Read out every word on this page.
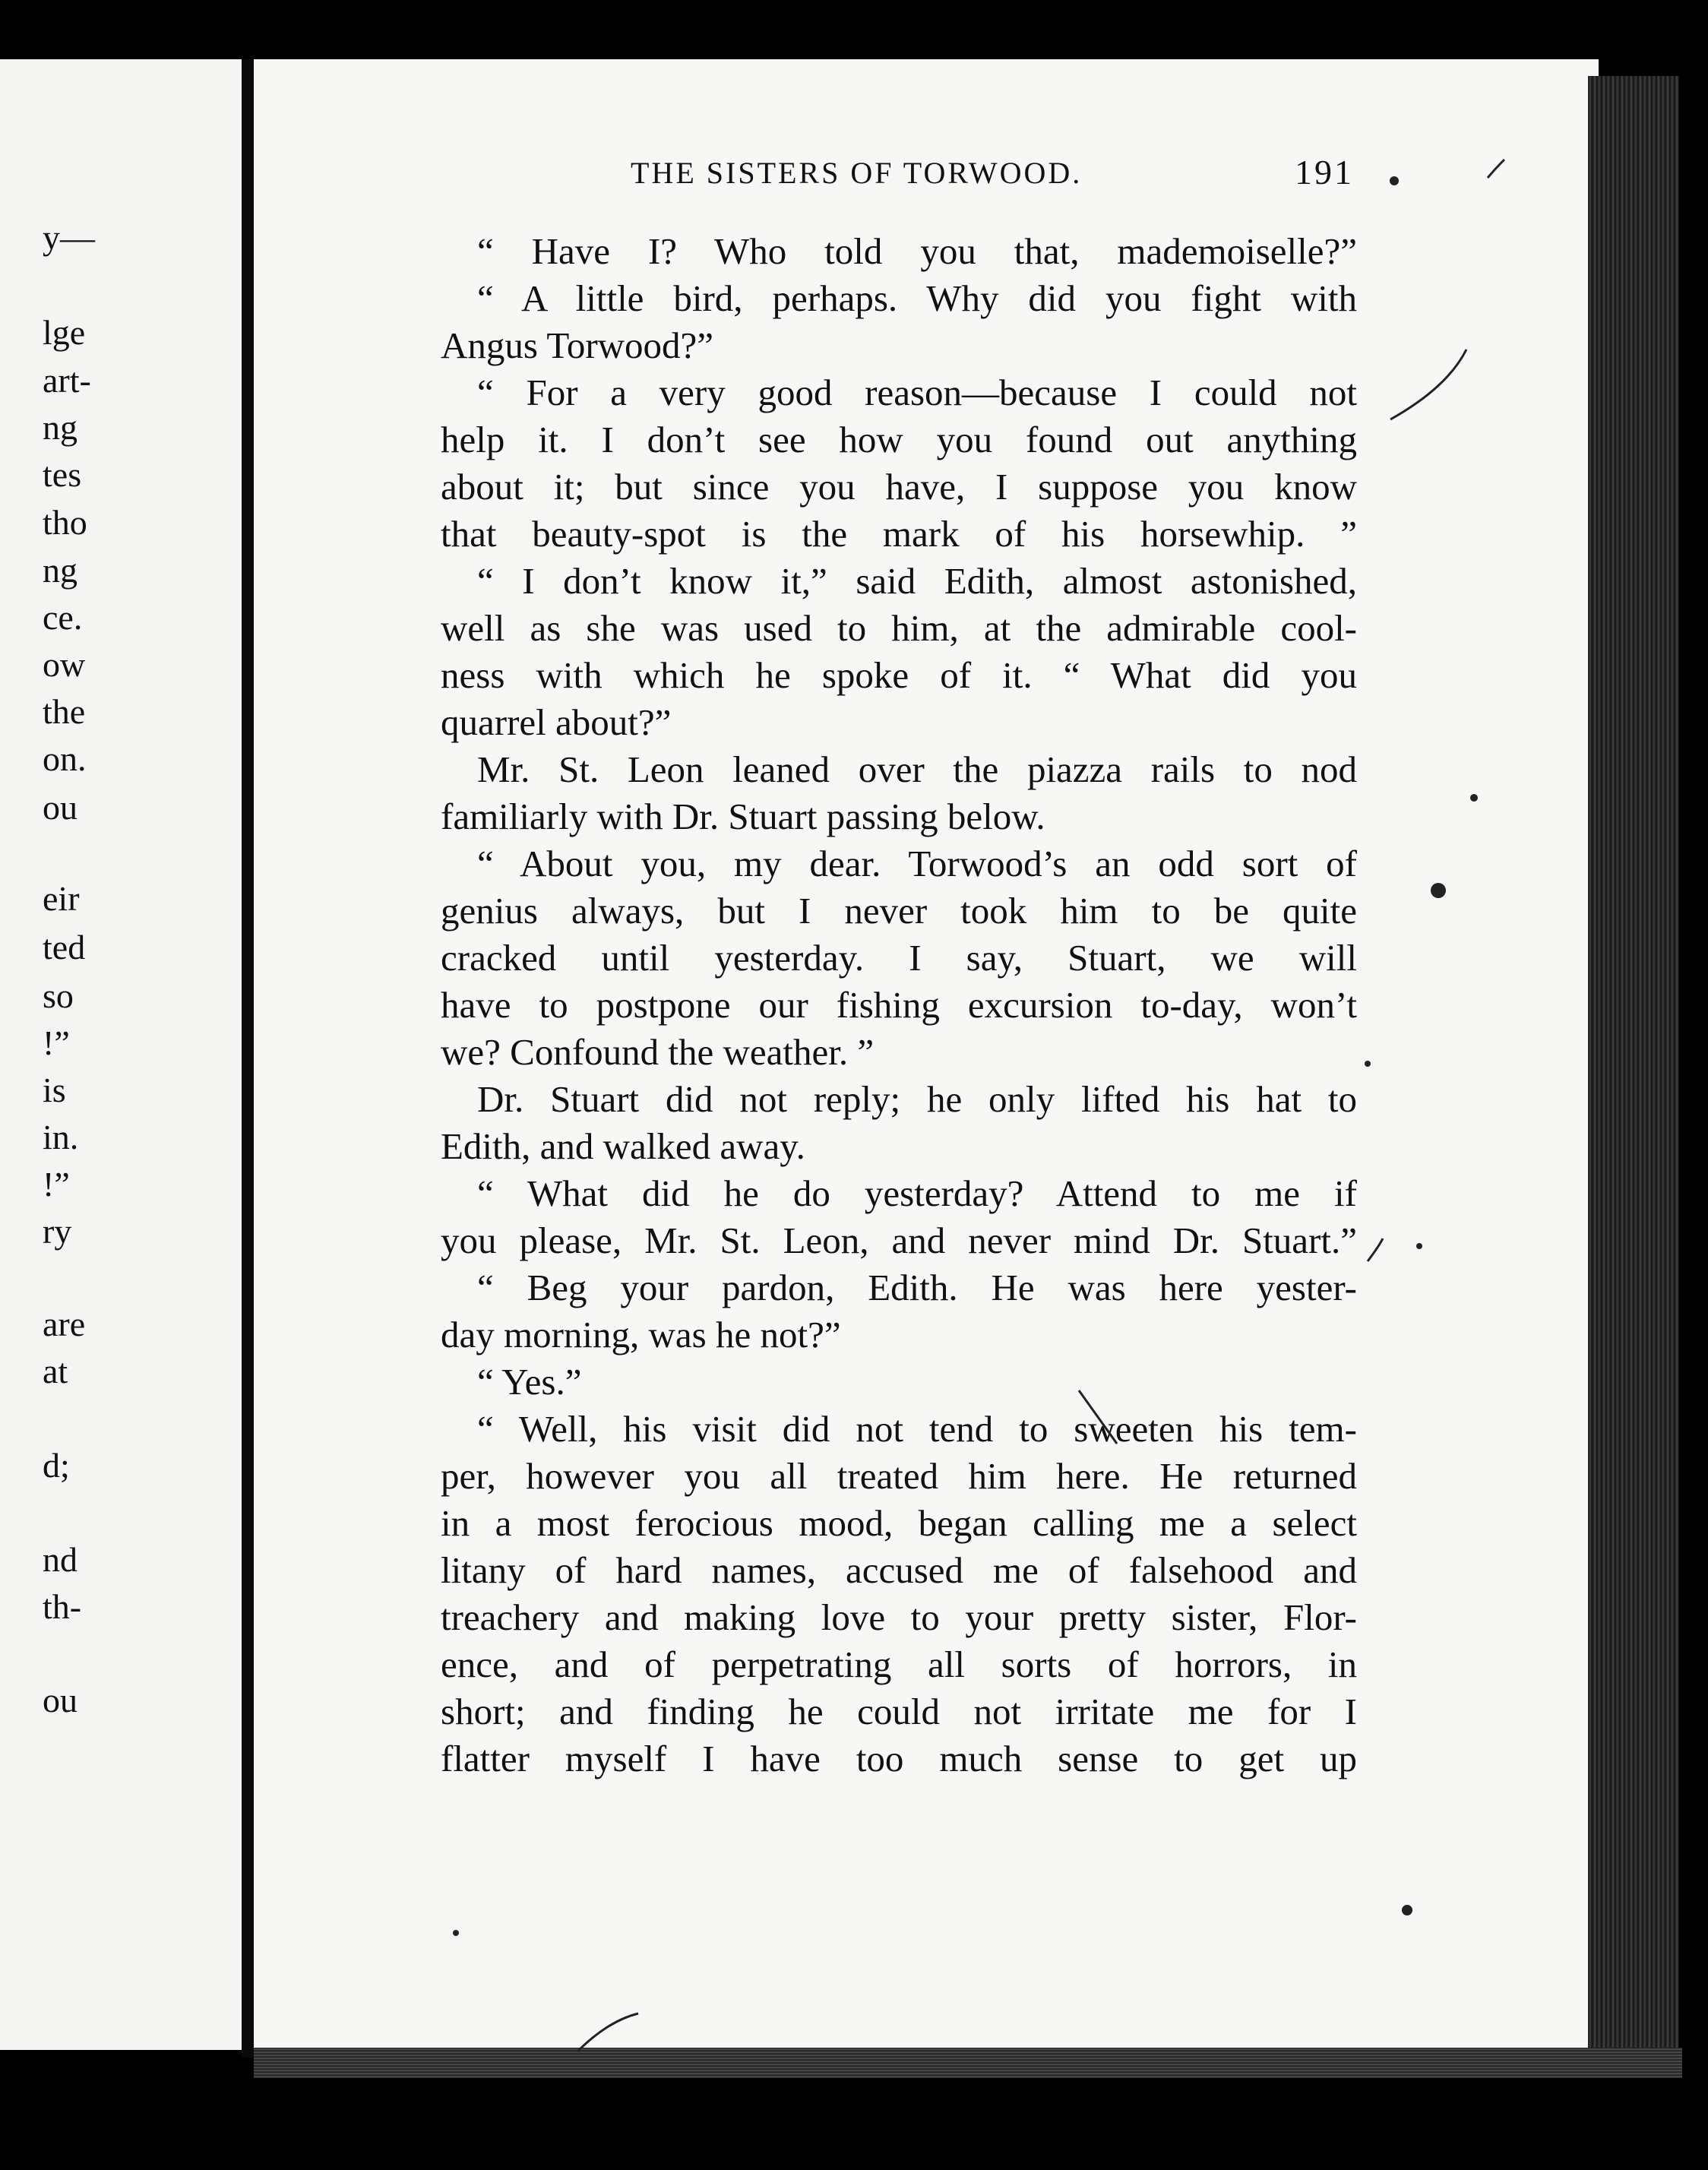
y—
lge
art-
ng
tes
tho
ng
ce.
ow
the
on.
ou
eir
ted
so
!”
is
in.
!”
ry
are
at
d;
nd
th-
ou
THE SISTERS OF TORWOOD.	191
“ Have I? Who told you that, mademoiselle?”
“ A little bird, perhaps. Why did you fight with
Angus Torwood?”
“ For a very good reason—because I could not
help it. I don’t see how you found out anything
about it; but since you have, I suppose you know
that beauty-spot is the mark of his horsewhip. ”
“ I don’t know it,” said Edith, almost astonished,
well as she was used to him, at the admirable cool-
ness with which he spoke of it. “ What did you
quarrel about?”
Mr. St. Leon leaned over the piazza rails to nod
familiarly with Dr. Stuart passing below.
“ About you, my dear. Torwood’s an odd sort of
genius always, but I never took him to be quite
cracked until yesterday. I say, Stuart, we will
have to postpone our fishing excursion to-day, won’t
we? Confound the weather. ”
Dr. Stuart did not reply; he only lifted his hat to
Edith, and walked away.
“ What did he do yesterday? Attend to me if
you please, Mr. St. Leon, and never mind Dr. Stuart.”
“ Beg your pardon, Edith. He was here yester-
day morning, was he not?”
“ Yes.”
“ Well, his visit did not tend to sweeten his tem-
per, however you all treated him here. He returned
in a most ferocious mood, began calling me a select
litany of hard names, accused me of falsehood and
treachery and making love to your pretty sister, Flor-
ence, and of perpetrating all sorts of horrors, in
short; and finding he could not irritate me for I
flatter myself I have too much sense to get up
